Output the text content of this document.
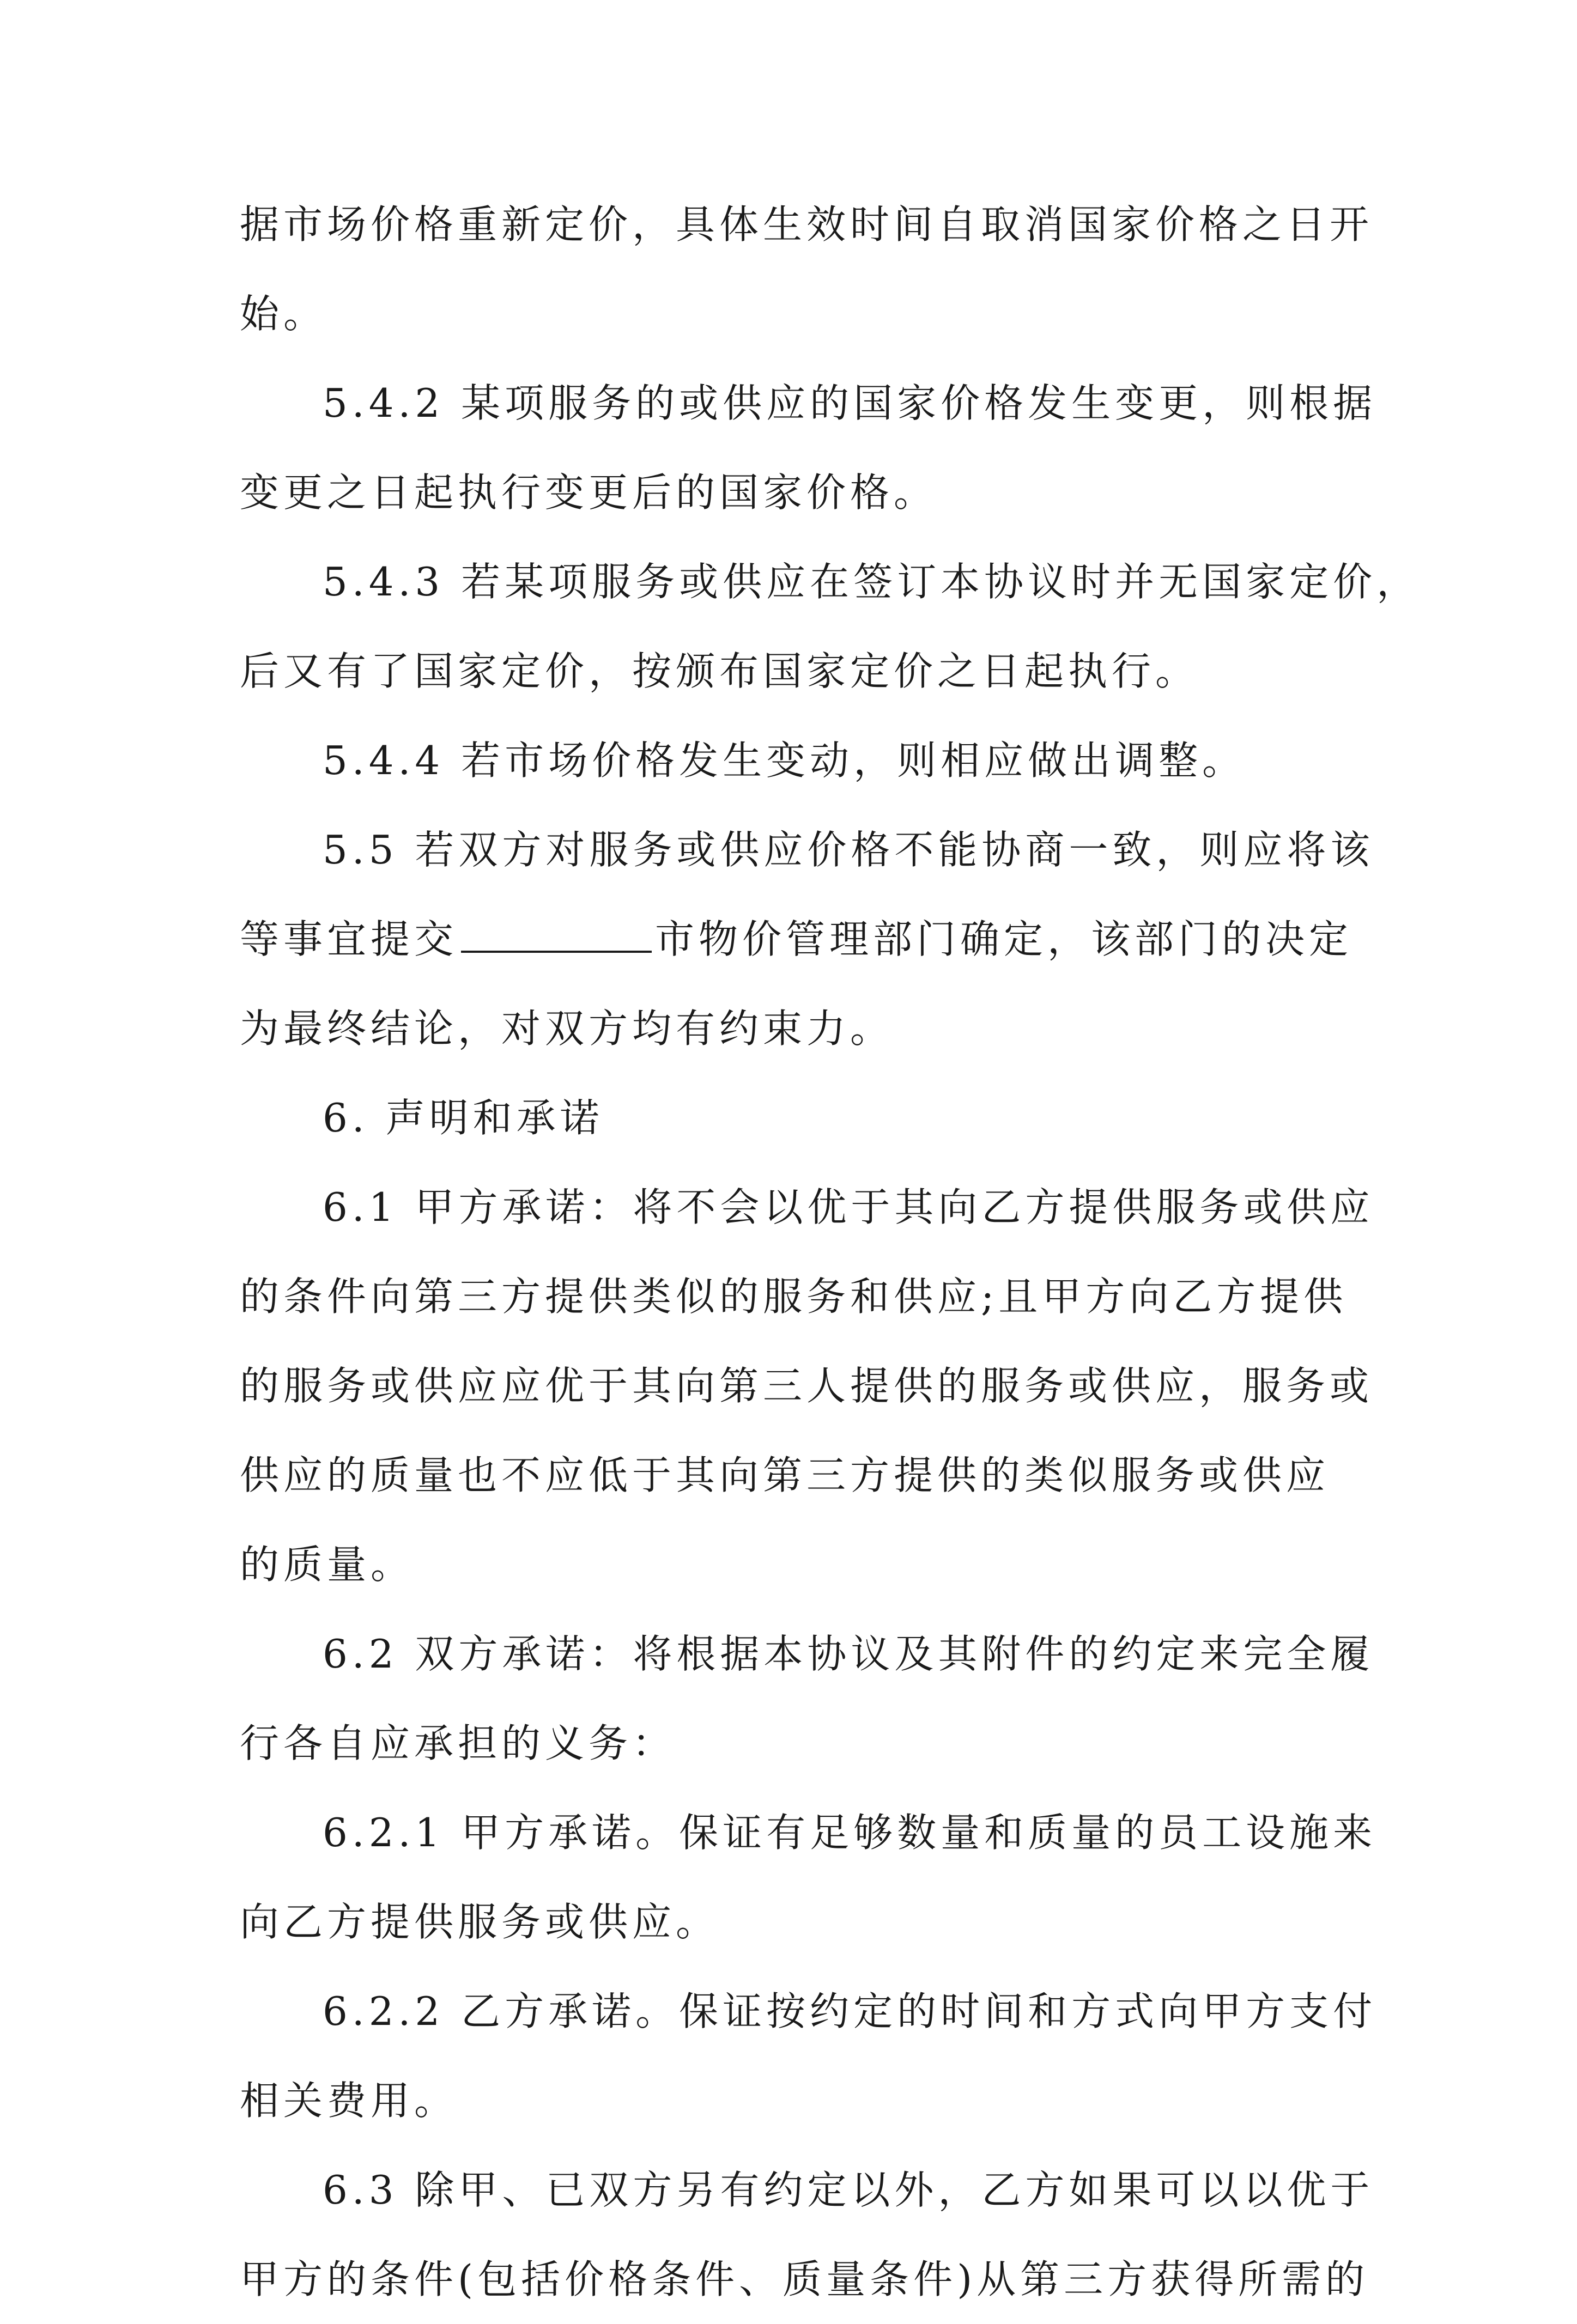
据市场价格重新定价，具体生效时间自取消国家价格之日开
始。
5.4.2 某项服务的或供应的国家价格发生变更，则根据
变更之日起执行变更后的国家价格。
5.4.3 若某项服务或供应在签订本协议时并无国家定价，
后又有了国家定价，按颁布国家定价之日起执行。
5.4.4 若市场价格发生变动，则相应做出调整。
5.5 若双方对服务或供应价格不能协商一致，则应将该
等事宜提交	市物价管理部门确定，该部门的决定
为最终结论，对双方均有约束力。
6. 声明和承诺
6.1 甲方承诺：将不会以优于其向乙方提供服务或供应
的条件向第三方提供类似的服务和供应;且甲方向乙方提供
的服务或供应应优于其向第三人提供的服务或供应，服务或
供应的质量也不应低于其向第三方提供的类似服务或供应
的质量。
6.2 双方承诺：将根据本协议及其附件的约定来完全履
行各自应承担的义务：
6.2.1 甲方承诺。保证有足够数量和质量的员工设施来
向乙方提供服务或供应。
6.2.2 乙方承诺。保证按约定的时间和方式向甲方支付
相关费用。
6.3 除甲、已双方另有约定以外，乙方如果可以以优于
甲方的条件(包括价格条件、质量条件)从第三方获得所需的
